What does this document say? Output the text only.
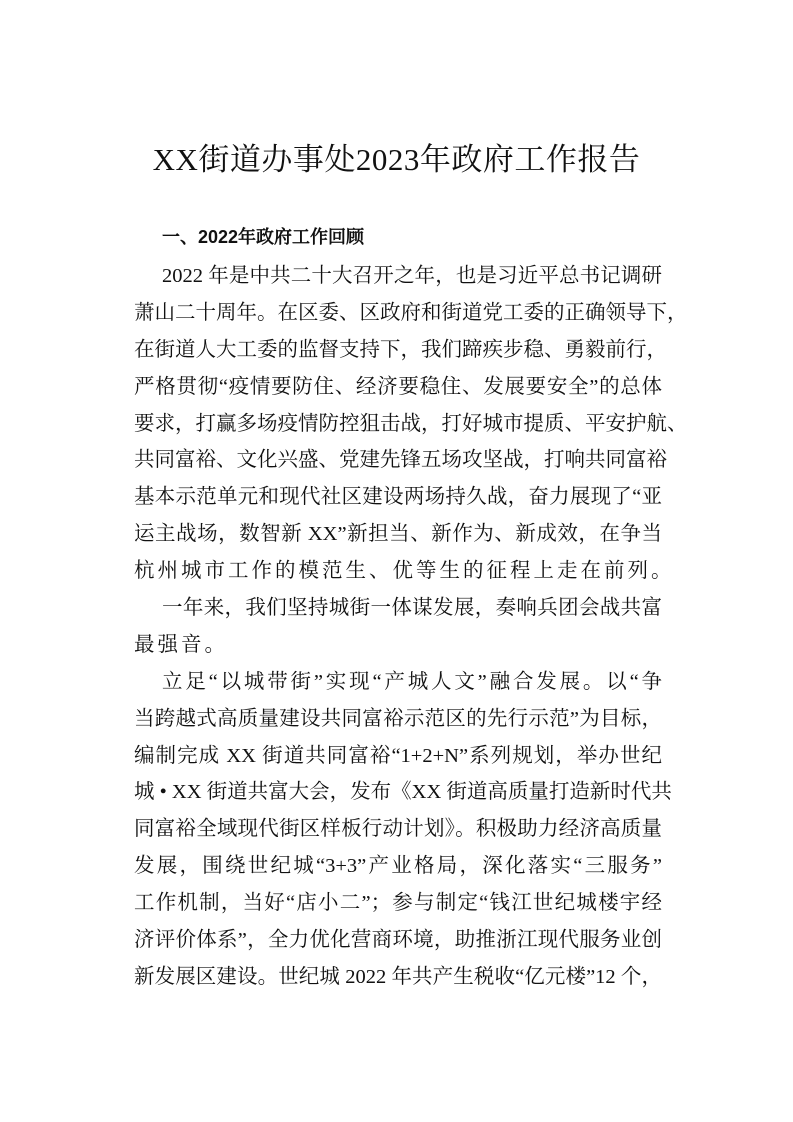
XX街道办事处2023年政府工作报告
一、2022年政府工作回顾
2022 年是中共二十大召开之年，也是习近平总书记调研
萧山二十周年。在区委、区政府和街道党工委的正确领导下，
在街道人大工委的监督支持下，我们蹄疾步稳、勇毅前行，
严格贯彻“疫情要防住、经济要稳住、发展要安全”的总体
要求，打赢多场疫情防控狙击战，打好城市提质、平安护航、
共同富裕、文化兴盛、党建先锋五场攻坚战，打响共同富裕
基本示范单元和现代社区建设两场持久战，奋力展现了“亚
运主战场，数智新 XX”新担当、新作为、新成效，在争当
杭州城市工作的模范生、优等生的征程上走在前列。
一年来，我们坚持城街一体谋发展，奏响兵团会战共富
最强音。
立足“以城带街”实现“产城人文”融合发展。以“争
当跨越式高质量建设共同富裕示范区的先行示范”为目标，
编制完成 XX 街道共同富裕“1+2+N”系列规划，举办世纪
城 • XX 街道共富大会，发布《XX 街道高质量打造新时代共
同富裕全域现代街区样板行动计划》。积极助力经济高质量
发展，围绕世纪城“3+3”产业格局，深化落实“三服务”
工作机制，当好“店小二”；参与制定“钱江世纪城楼宇经
济评价体系”，全力优化营商环境，助推浙江现代服务业创
新发展区建设。世纪城 2022 年共产生税收“亿元楼”12 个，
